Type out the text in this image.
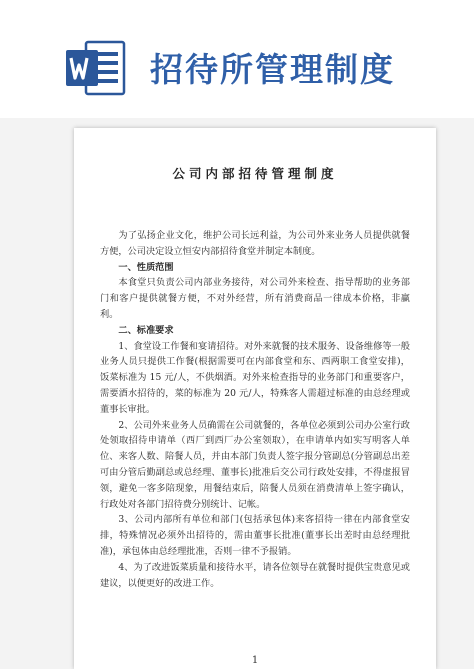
招待所管理制度
公司内部招待管理制度

为了弘扬企业文化，维护公司长远利益，为公司外来业务人员提供就餐方便，公司决定设立恒安内部招待食堂并制定本制度。

一、性质范围

本食堂只负责公司内部业务接待，对公司外来检查、指导帮助的业务部门和客户提供就餐方便，不对外经营，所有消费商品一律成本价格，非赢利。

二、标准要求

1、食堂设工作餐和宴请招待。对外来就餐的技术服务、设备维修等一般业务人员只提供工作餐(根据需要可在内部食堂和东、西两职工食堂安排)，饭菜标准为 15 元/人，不供烟酒。对外来检查指导的业务部门和重要客户，需要酒水招待的，菜的标准为 20 元/人，特殊客人需超过标准的由总经理或董事长审批。

2、公司外来业务人员确需在公司就餐的，各单位必须到公司办公室行政处领取招待申请单（西厂到西厂办公室领取），在申请单内如实写明客人单位、来客人数、陪餐人员，并由本部门负责人签字报分管副总(分管副总出差可由分管后勤副总或总经理、董事长)批准后交公司行政处安排，不得虚报冒领，避免一客多陪现象，用餐结束后，陪餐人员须在消费清单上签字确认，行政处对各部门招待费分别统计、记帐。

3、公司内部所有单位和部门(包括承包体)来客招待一律在内部食堂安排，特殊情况必须外出招待的，需由董事长批准(董事长出差时由总经理批准)，承包体由总经理批准，否则一律不予报销。

4、为了改进饭菜质量和接待水平，请各位领导在就餐时提供宝贵意见或建议，以便更好的改进工作。

1
